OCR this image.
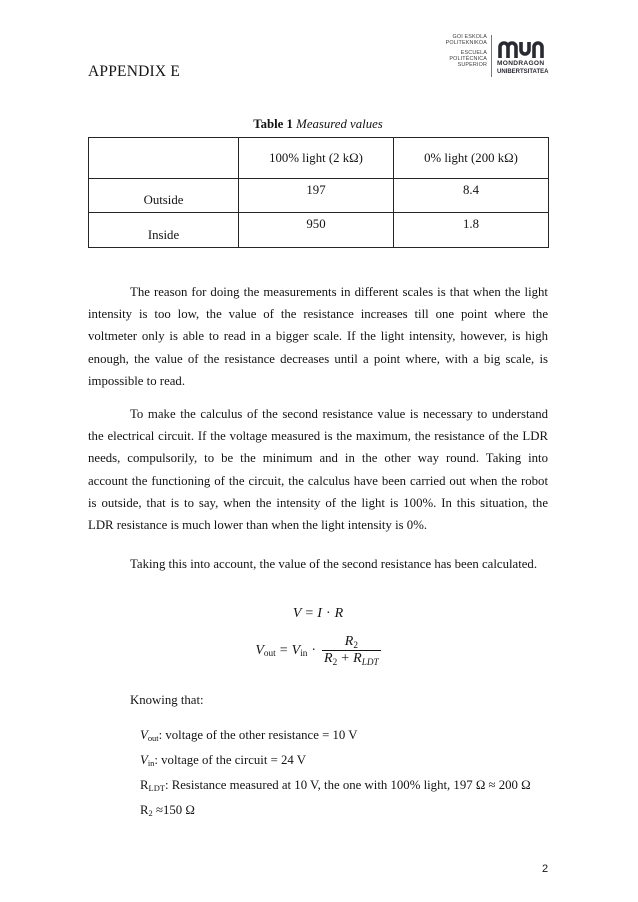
APPENDIX E
GOI ESKOLA
POLITEKNIKOA
ESCUELA
POLITÉCNICA
SUPERIOR MONDRAGON
UNIBERTSITATEA
Table 1 Measured values
	100% light (2 kΩ)	0% light (200 kΩ)
Outside	197	8.4
Inside	950	1.8
The reason for doing the measurements in different scales is that when the light
intensity is too low, the value of the resistance increases till one point where the
voltmeter only is able to read in a bigger scale. If the light intensity, however, is high
enough, the value of the resistance decreases until a point where, with a big scale, is
impossible to read.
To make the calculus of the second resistance value is necessary to understand
the electrical circuit. If the voltage measured is the maximum, the resistance of the LDR
needs, compulsorily, to be the minimum and in the other way round. Taking into
account the functioning of the circuit, the calculus have been carried out when the robot
is outside, that is to say, when the intensity of the light is 100%. In this situation, the
LDR resistance is much lower than when the light intensity is 0%.
Taking this into account, the value of the second resistance has been calculated.
V = I · R
$V_{out} = V_{in} \cdot \frac{R_2}{R_2 + R_{LDT}}$
Knowing that:
$V_{out}$: voltage of the other resistance = 10 V
$V_{in}$: voltage of the circuit = 24 V
$R_{LDT}$: Resistance measured at 10 V, the one with 100% light, 197 Ω ≈ 200 Ω
$R_2 \approx 150$ Ω
2
